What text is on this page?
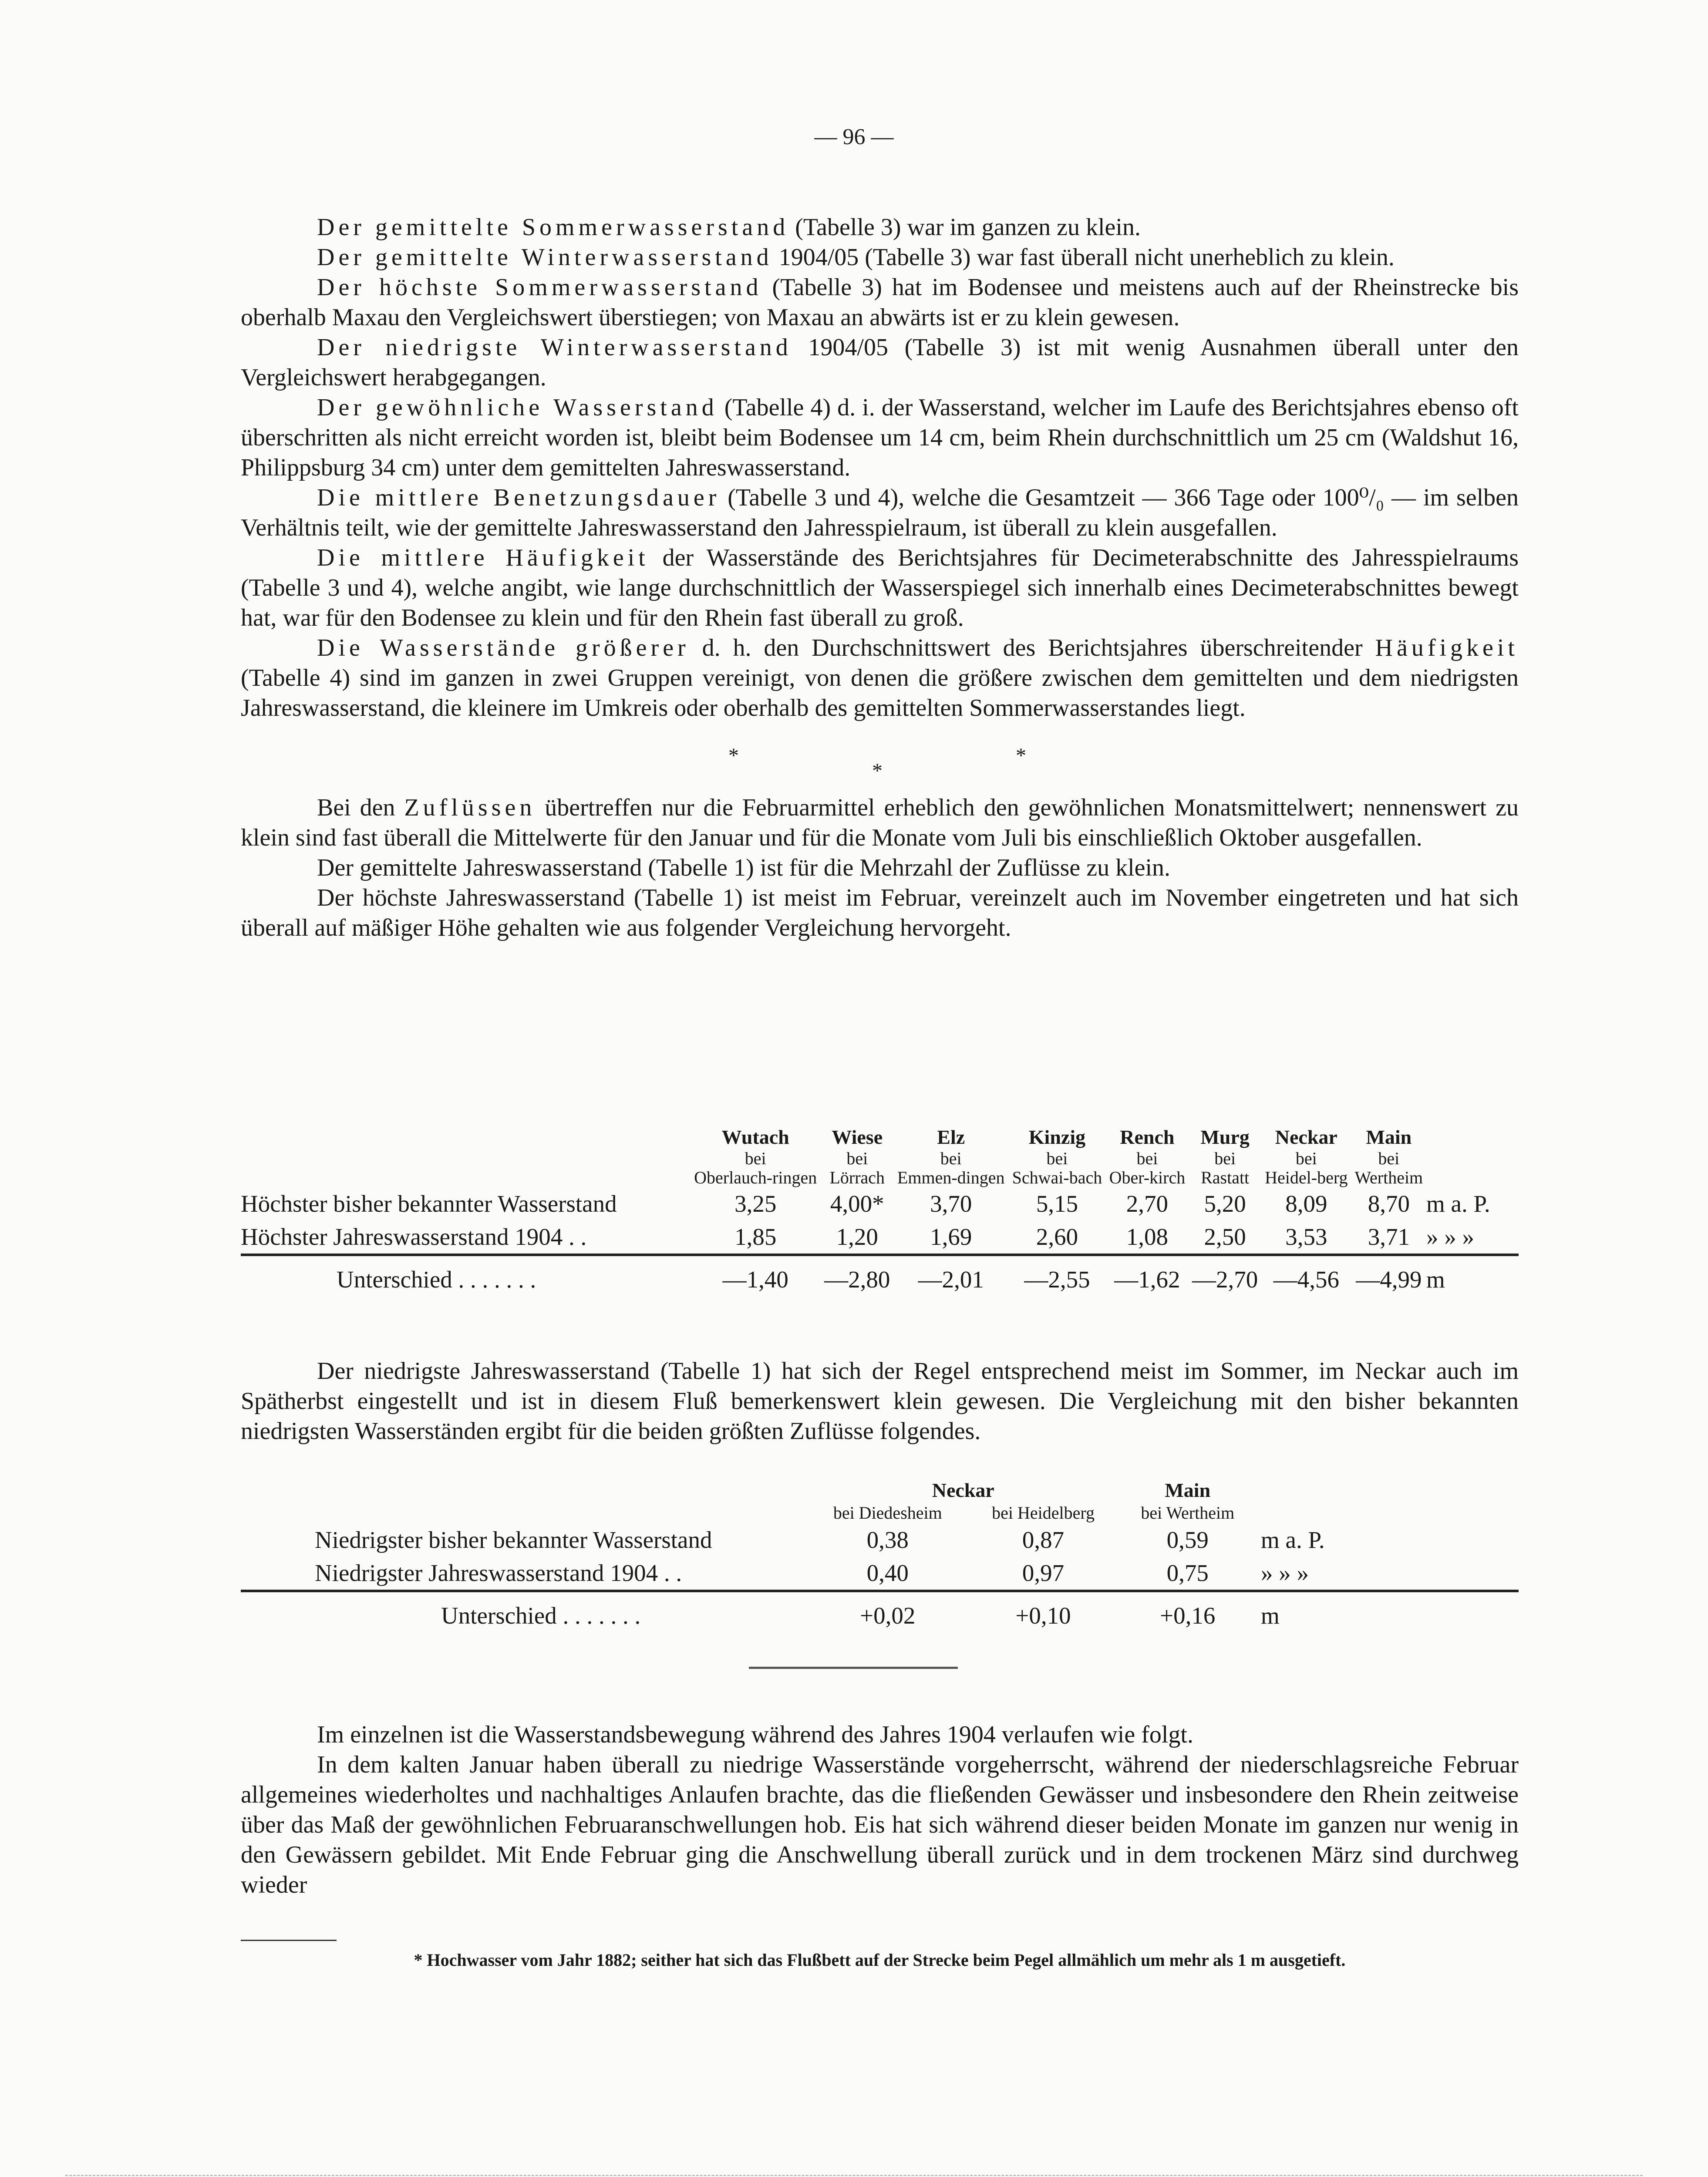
— 96 —

Der gemittelte Sommerwasserstand (Tabelle 3) war im ganzen zu klein.

Der gemittelte Winterwasserstand 1904/05 (Tabelle 3) war fast überall nicht unerheblich zu klein.

Der höchste Sommerwasserstand (Tabelle 3) hat im Bodensee und meistens auch auf der Rheinstrecke bis oberhalb Maxau den Vergleichswert überstiegen; von Maxau an abwärts ist er zu klein gewesen.

Der niedrigste Winterwasserstand 1904/05 (Tabelle 3) ist mit wenig Ausnahmen überall unter den Vergleichswert herabgegangen.

Der gewöhnliche Wasserstand (Tabelle 4) d. i. der Wasserstand, welcher im Laufe des Berichtsjahres ebenso oft überschritten als nicht erreicht worden ist, bleibt beim Bodensee um 14 cm, beim Rhein durchschnittlich um 25 cm (Waldshut 16, Philippsburg 34 cm) unter dem gemittelten Jahreswasserstand.

Die mittlere Benetzungsdauer (Tabelle 3 und 4), welche die Gesamtzeit — 366 Tage oder 100⁰/₀ — im selben Verhältnis teilt, wie der gemittelte Jahreswasserstand den Jahresspielraum, ist überall zu klein ausgefallen.

Die mittlere Häufigkeit der Wasserstände des Berichtsjahres für Decimeterabschnitte des Jahresspielraums (Tabelle 3 und 4), welche angibt, wie lange durchschnittlich der Wasserspiegel sich innerhalb eines Decimeterabschnittes bewegt hat, war für den Bodensee zu klein und für den Rhein fast überall zu groß.

Die Wasserstände größerer d. h. den Durchschnittswert des Berichtsjahres überschreitender Häufigkeit (Tabelle 4) sind im ganzen in zwei Gruppen vereinigt, von denen die größere zwischen dem gemittelten und dem niedrigsten Jahreswasserstand, die kleinere im Umkreis oder oberhalb des gemittelten Sommerwasserstandes liegt.

*
*
*

Bei den Zuflüssen übertreffen nur die Februarmittel erheblich den gewöhnlichen Monatsmittelwert; nennenswert zu klein sind fast überall die Mittelwerte für den Januar und für die Monate vom Juli bis einschließlich Oktober ausgefallen.

Der gemittelte Jahreswasserstand (Tabelle 1) ist für die Mehrzahl der Zuflüsse zu klein.

Der höchste Jahreswasserstand (Tabelle 1) ist meist im Februar, vereinzelt auch im November eingetreten und hat sich überall auf mäßiger Höhe gehalten wie aus folgender Vergleichung hervorgeht.

	Wutach	Wiese	Elz	Kinzig	Rench	Murg	Neckar	Main	
	bei	bei	bei	bei	bei	bei	bei	bei	
	Oberlauch-ringen	Lörrach	Emmen-dingen	Schwai-bach	Ober-kirch	Rastatt	Heidel-berg	Wertheim	
Höchster bisher bekannter Wasserstand	3,25	4,00*	3,70	5,15	2,70	5,20	8,09	8,70	m a. P.
Höchster Jahreswasserstand 1904 . .	1,85	1,20	1,69	2,60	1,08	2,50	3,53	3,71	» » »
Unterschied . . . . . . .	—1,40	—2,80	—2,01	—2,55	—1,62	—2,70	—4,56	—4,99	m

Der niedrigste Jahreswasserstand (Tabelle 1) hat sich der Regel entsprechend meist im Sommer, im Neckar auch im Spätherbst eingestellt und ist in diesem Fluß bemerkenswert klein gewesen. Die Vergleichung mit den bisher bekannten niedrigsten Wasserständen ergibt für die beiden größten Zuflüsse folgendes.

	Neckar		Main	
	bei Diedesheim	bei Heidelberg	bei Wertheim	
Niedrigster bisher bekannter Wasserstand	0,38	0,87	0,59	m a. P.
Niedrigster Jahreswasserstand 1904 . .	0,40	0,97	0,75	» » »
Unterschied . . . . . . .	+0,02	+0,10	+0,16	m

Im einzelnen ist die Wasserstandsbewegung während des Jahres 1904 verlaufen wie folgt.

In dem kalten Januar haben überall zu niedrige Wasserstände vorgeherrscht, während der niederschlagsreiche Februar allgemeines wiederholtes und nachhaltiges Anlaufen brachte, das die fließenden Gewässer und insbesondere den Rhein zeitweise über das Maß der gewöhnlichen Februaranschwellungen hob. Eis hat sich während dieser beiden Monate im ganzen nur wenig in den Gewässern gebildet. Mit Ende Februar ging die Anschwellung überall zurück und in dem trockenen März sind durchweg wieder

* Hochwasser vom Jahr 1882; seither hat sich das Flußbett auf der Strecke beim Pegel allmählich um mehr als 1 m ausgetieft.
